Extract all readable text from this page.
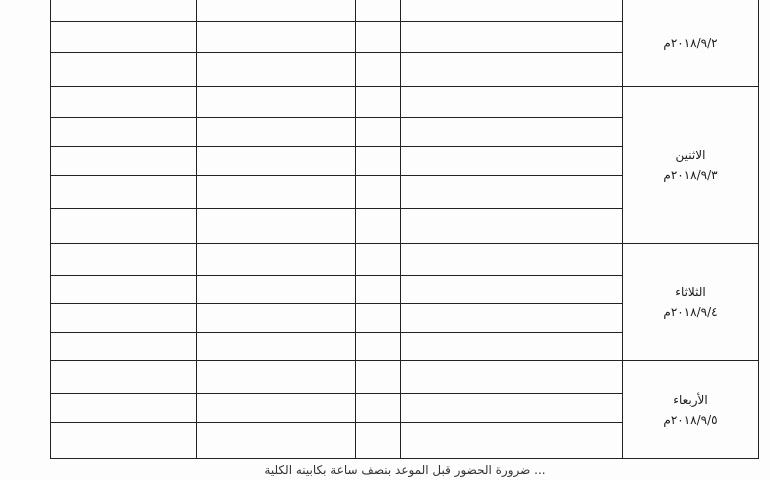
٢٠١٨/٩/٢م
الاثنين
٢٠١٨/٩/٣م
الثلاثاء
٢٠١٨/٩/٤م
الأربعاء
٢٠١٨/٩/٥م
... ضرورة الحضور قبل الموعد بنصف ساعة بكابينه الكلية
